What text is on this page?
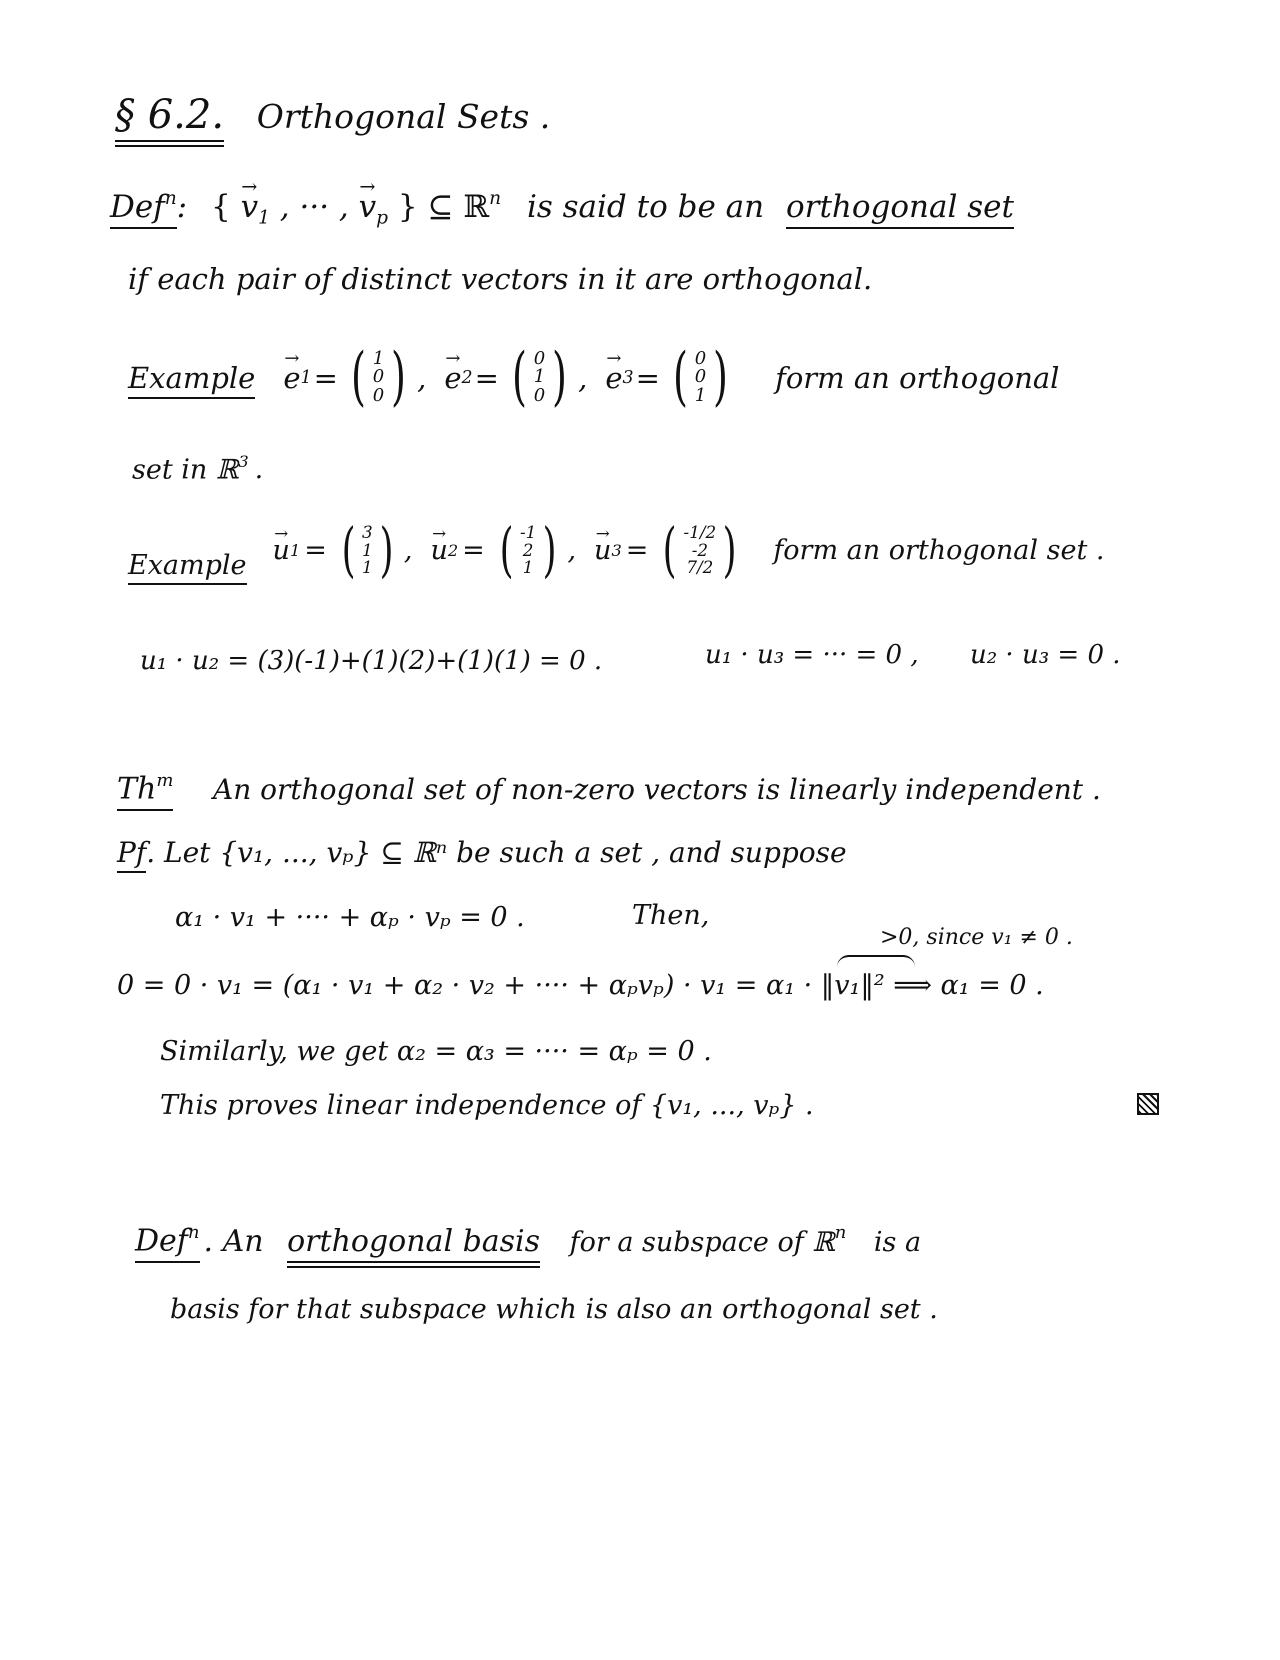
§ 6.2. Orthogonal Sets .
Def$^n$: { → $v_1$ , ··· , → $v_p$ } ⊆ ℝ$^n$ is said to be an orthogonal set
if each pair of distinct vectors in it are orthogonal.
Example → e 1 = ( 1
0
0 ) , → e 2 = ( 0
1
0 ) , → e 3 = ( 0
0
1 ) form an orthogonal
set in ℝ$^3$ .
Example → u 1 = ( 3
1
1 ) , → u 2 = ( -1
2
1 ) , → u 3 = ( -1/2
-2
7/2 ) form an orthogonal set .
u₁ · u₂ = (3)(-1)+(1)(2)+(1)(1) = 0 .	u₁ · u₃ = ··· = 0 , u₂ · u₃ = 0 .
Th$^m$ An orthogonal set of non-zero vectors is linearly independent .
Pf. Let {v₁, ..., vₚ} ⊆ ℝⁿ be such a set , and suppose
α₁ · v₁ + ···· + αₚ · vₚ = 0 .	Then,
>0, since v₁ ≠ 0 .
0 = 0 · v₁ = (α₁ · v₁ + α₂ · v₂ + ···· + αₚvₚ) · v₁ = α₁ · ‖v₁‖² ⟹ α₁ = 0 .
Similarly, we get α₂ = α₃ = ···· = αₚ = 0 .
This proves linear independence of {v₁, ..., vₚ} .
Def$^n$ . An orthogonal basis for a subspace of ℝ$^n$ is a
basis for that subspace which is also an orthogonal set .
